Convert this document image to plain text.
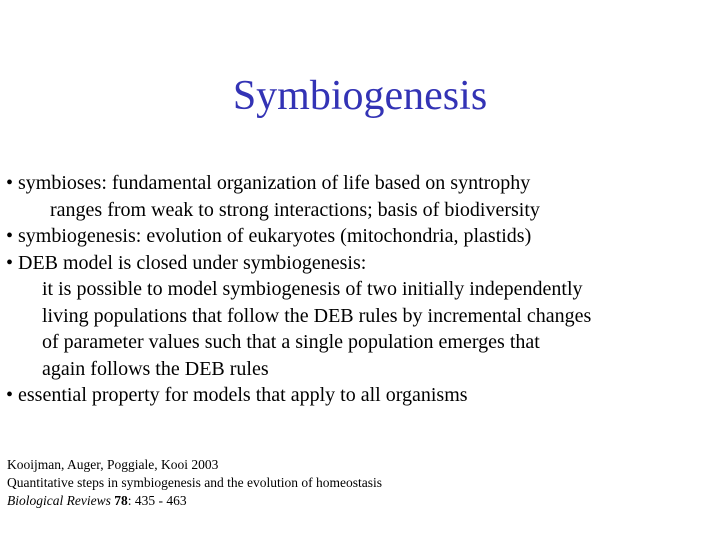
Symbiogenesis
• symbioses: fundamental organization of life based on syntrophy
ranges from weak to strong interactions; basis of biodiversity
• symbiogenesis: evolution of eukaryotes (mitochondria, plastids)
• DEB model is closed under symbiogenesis:
it is possible to model symbiogenesis of two initially independently
living populations that follow the DEB rules by incremental changes
of parameter values such that a single population emerges that
again follows the DEB rules
• essential property for models that apply to all organisms
Kooijman, Auger, Poggiale, Kooi 2003
Quantitative steps in symbiogenesis and the evolution of homeostasis
Biological Reviews 78: 435 - 463
